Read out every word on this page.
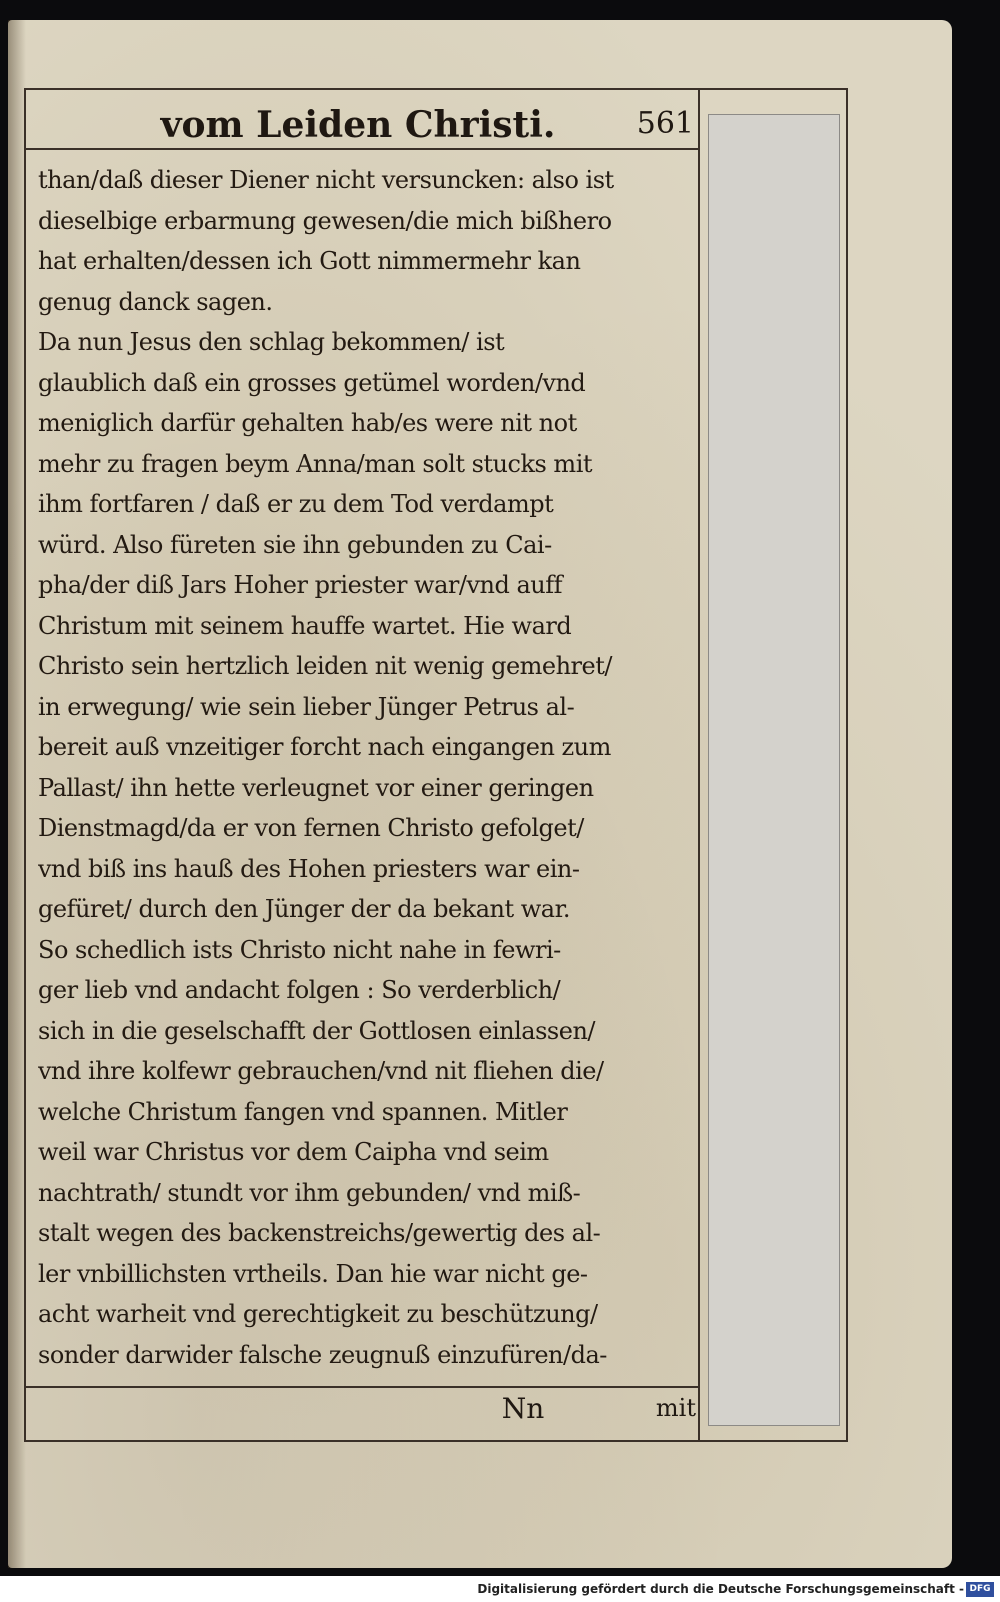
vom Leiden Christi.	561
than/daß dieser Diener nicht versuncken: also ist
dieselbige erbarmung gewesen/die mich bißhero
hat erhalten/dessen ich Gott nimmermehr kan
genug danck sagen.
Da nun Jesus den schlag bekommen/ ist
glaublich daß ein grosses getümel worden/vnd
meniglich darfür gehalten hab/es were nit not
mehr zu fragen beym Anna/man solt stucks mit
ihm fortfaren / daß er zu dem Tod verdampt
würd. Also füreten sie ihn gebunden zu Cai-
pha/der diß Jars Hoher priester war/vnd auff
Christum mit seinem hauffe wartet. Hie ward
Christo sein hertzlich leiden nit wenig gemehret/
in erwegung/ wie sein lieber Jünger Petrus al-
bereit auß vnzeitiger forcht nach eingangen zum
Pallast/ ihn hette verleugnet vor einer geringen
Dienstmagd/da er von fernen Christo gefolget/
vnd biß ins hauß des Hohen priesters war ein-
gefüret/ durch den Jünger der da bekant war.
So schedlich ists Christo nicht nahe in fewri-
ger lieb vnd andacht folgen : So verderblich/
sich in die geselschafft der Gottlosen einlassen/
vnd ihre kolfewr gebrauchen/vnd nit fliehen die/
welche Christum fangen vnd spannen. Mitler
weil war Christus vor dem Caipha vnd seim
nachtrath/ stundt vor ihm gebunden/ vnd miß-
stalt wegen des backenstreichs/gewertig des al-
ler vnbillichsten vrtheils. Dan hie war nicht ge-
acht warheit vnd gerechtigkeit zu beschützung/
sonder darwider falsche zeugnuß einzufüren/da-
Nn	mit
Digitalisierung gefördert durch die Deutsche Forschungsgemeinschaft - DFG
